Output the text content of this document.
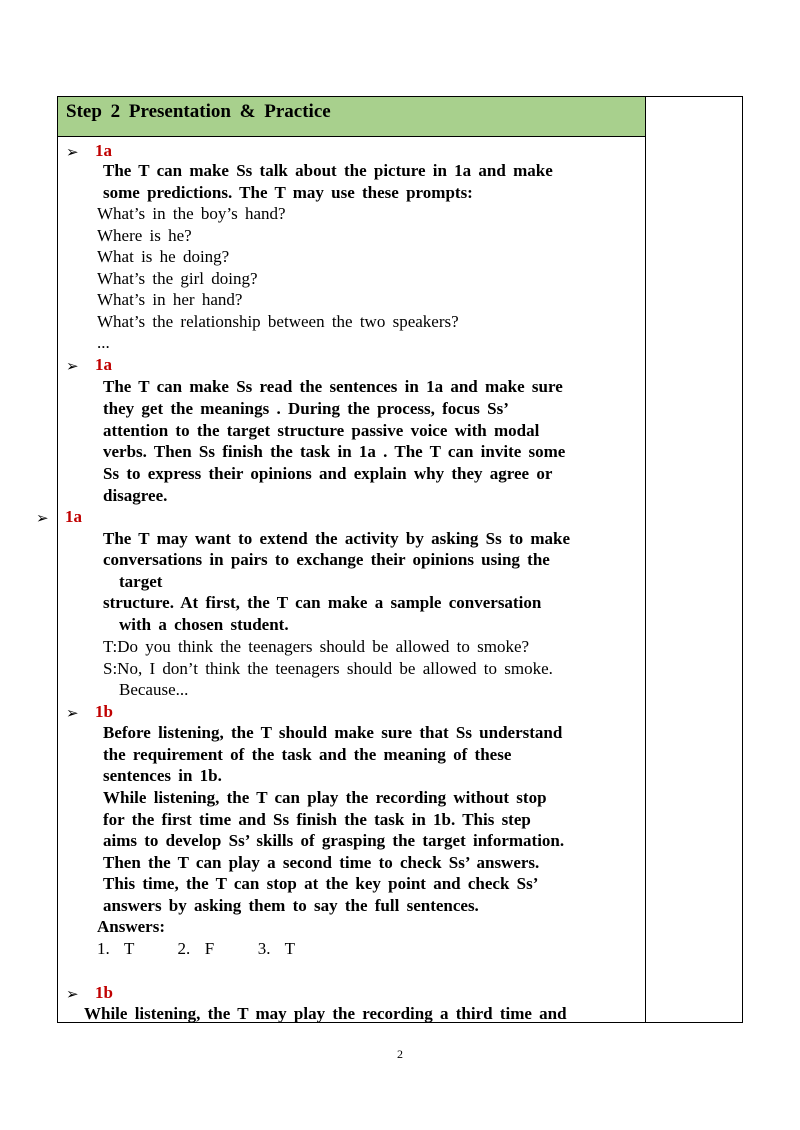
Step 2 Presentation & Practice
➢ 1a
The T can make Ss talk about the picture in 1a and make
some predictions. The T may use these prompts:
What’s in the boy’s hand?
Where is he?
What is he doing?
What’s the girl doing?
What’s in her hand?
What’s the relationship between the two speakers?
...
➢ 1a
The T can make Ss read the sentences in 1a and make sure
they get the meanings . During the process, focus Ss’
attention to the target structure passive voice with modal
verbs. Then Ss finish the task in 1a . The T can invite some
Ss to express their opinions and explain why they agree or
disagree.
➢ 1a
The T may want to extend the activity by asking Ss to make
conversations in pairs to exchange their opinions using the
target
structure. At first, the T can make a sample conversation
with a chosen student.
T:Do you think the teenagers should be allowed to smoke?
S:No, I don’t think the teenagers should be allowed to smoke.
Because...
➢ 1b
Before listening, the T should make sure that Ss understand
the requirement of the task and the meaning of these
sentences in 1b.
While listening, the T can play the recording without stop
for the first time and Ss finish the task in 1b. This step
aims to develop Ss’ skills of grasping the target information.
Then the T can play a second time to check Ss’ answers.
This time, the T can stop at the key point and check Ss’
answers by asking them to say the full sentences.
Answers:
1.  T      2.  F      3.  T
➢ 1b
While listening, the T may play the recording a third time and
2
